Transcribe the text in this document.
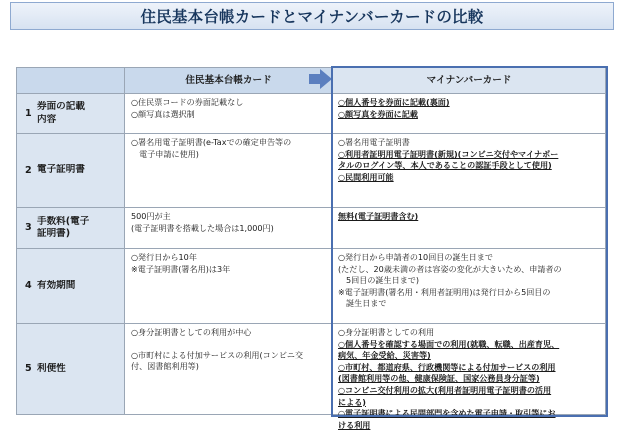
住民基本台帳カードとマイナンバーカードの比較
住民基本台帳カード	マイナンバーカード
1
券面の記載
内容
○住民票コードの券面記載なし
○顔写真は選択制
○個人番号を券面に記載(裏面)
○顔写真を券面に記載
2 電子証明書
○署名用電子証明書(e-Taxでの確定申告等の
　電子申請に使用)
○署名用電子証明書
○利用者証明用電子証明書(新規)(コンビニ交付やマイナポー
タルのログイン等、本人であることの認証手段として使用)
○民間利用可能
3
手数料(電子
証明書)
500円が主
(電子証明書を搭載した場合は1,000円)
無料(電子証明書含む)
4 有効期間
○発行日から10年
※電子証明書(署名用)は3年
○発行日から申請者の10回目の誕生日まで
(ただし、20歳未満の者は容姿の変化が大きいため、申請者の
5回目の誕生日まで)
※電子証明書(署名用・利用者証明用)は発行日から5回目の
誕生日まで
5 利便性
○身分証明書としての利用が中心
○市町村による付加サービスの利用(コンビニ交
付、図書館利用等)
○身分証明書としての利用
○個人番号を確認する場面での利用(就職、転職、出産育児、
病気、年金受給、災害等)
○市町村、都道府県、行政機関等による付加サービスの利用
(図書館利用等の他、健康保険証、国家公務員身分証等)
○コンビニ交付利用の拡大(利用者証明用電子証明書の活用
による)
○電子証明書による民間部門を含めた電子申請・取引等にお
ける利用
